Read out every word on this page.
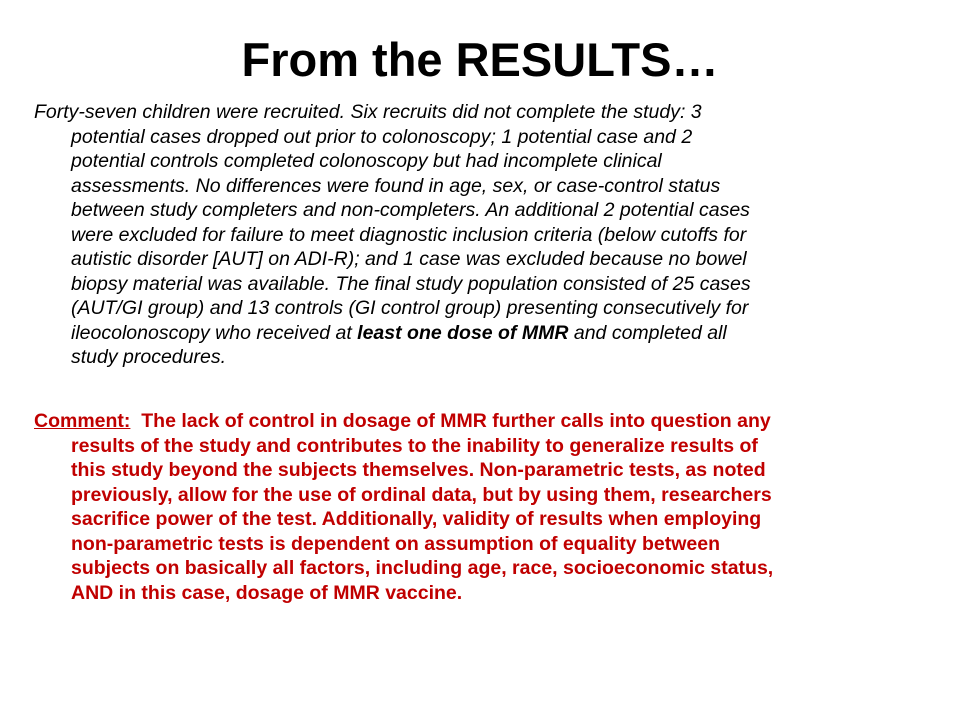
From the RESULTS…
Forty-seven children were recruited. Six recruits did not complete the study: 3
potential cases dropped out prior to colonoscopy; 1 potential case and 2
potential controls completed colonoscopy but had incomplete clinical
assessments. No differences were found in age, sex, or case-control status
between study completers and non-completers. An additional 2 potential cases
were excluded for failure to meet diagnostic inclusion criteria (below cutoffs for
autistic disorder [AUT] on ADI-R); and 1 case was excluded because no bowel
biopsy material was available. The final study population consisted of 25 cases
(AUT/GI group) and 13 controls (GI control group) presenting consecutively for
ileocolonoscopy who received at least one dose of MMR and completed all
study procedures.
Comment:  The lack of control in dosage of MMR further calls into question any
results of the study and contributes to the inability to generalize results of
this study beyond the subjects themselves. Non-parametric tests, as noted
previously, allow for the use of ordinal data, but by using them, researchers
sacrifice power of the test. Additionally, validity of results when employing
non-parametric tests is dependent on assumption of equality between
subjects on basically all factors, including age, race, socioeconomic status,
AND in this case, dosage of MMR vaccine.
